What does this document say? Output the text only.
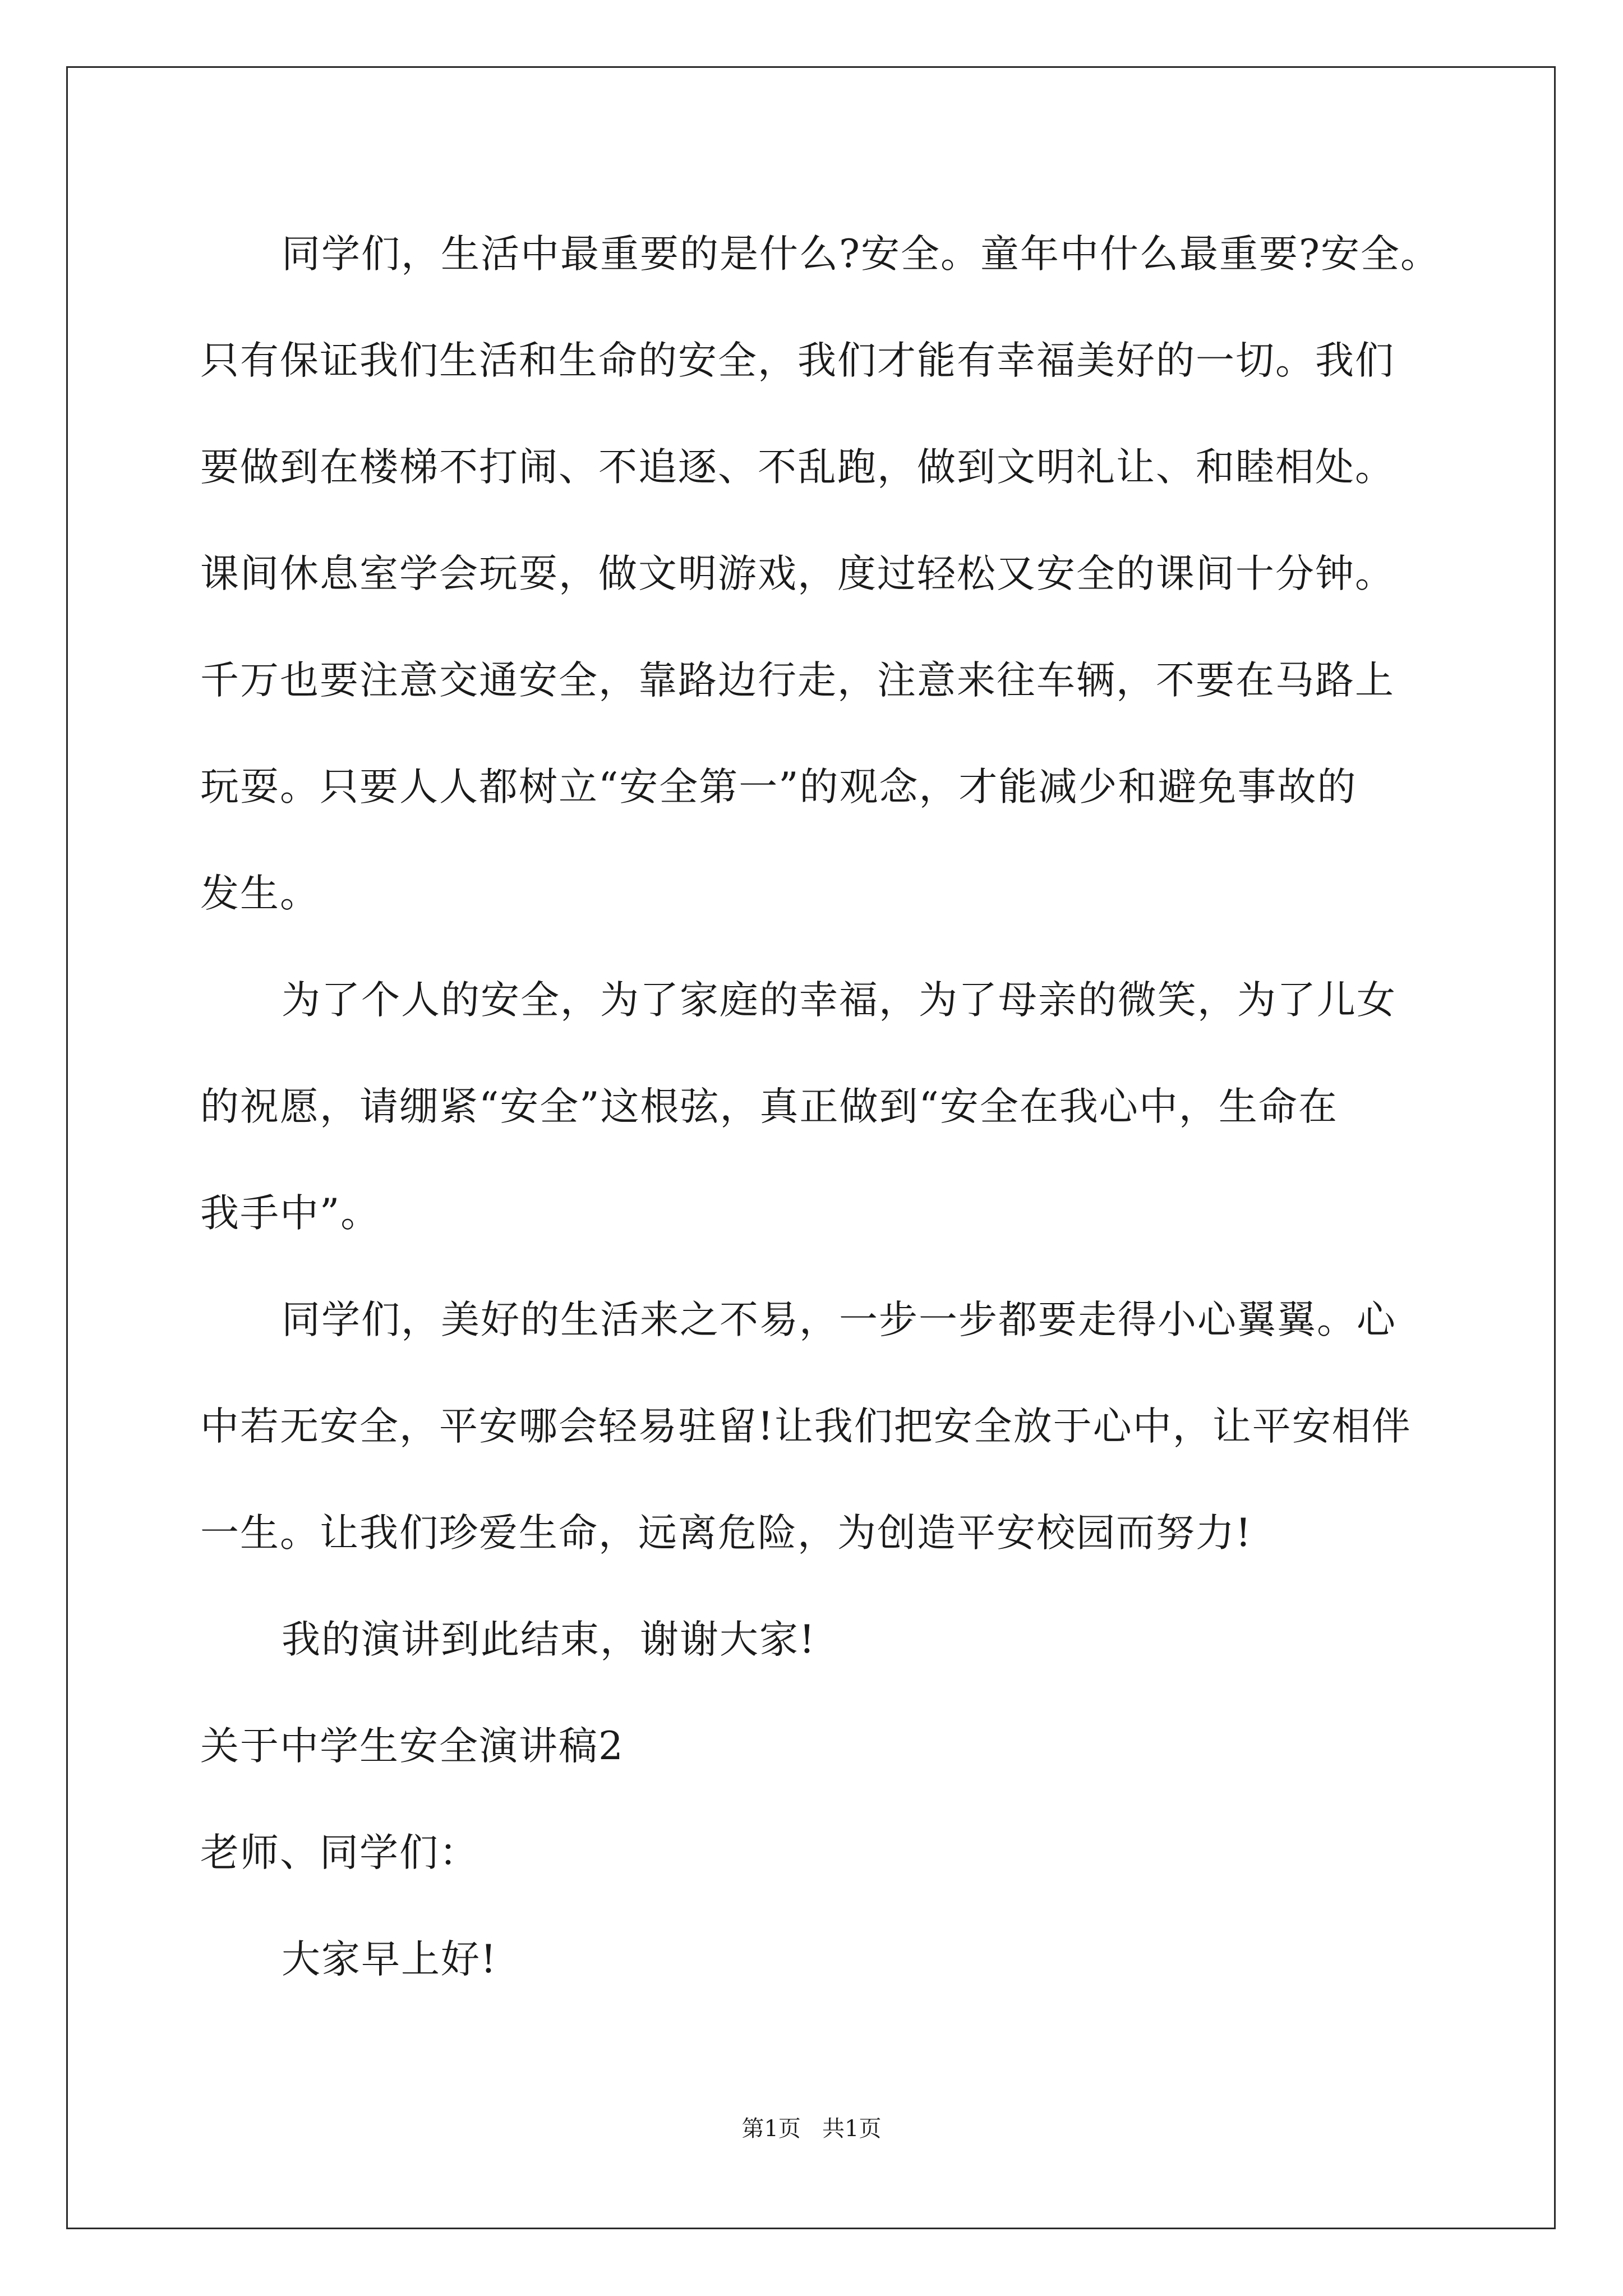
同学们，生活中最重要的是什么?安全。童年中什么最重要?安全。
只有保证我们生活和生命的安全，我们才能有幸福美好的一切。我们
要做到在楼梯不打闹、不追逐、不乱跑，做到文明礼让、和睦相处。
课间休息室学会玩耍，做文明游戏，度过轻松又安全的课间十分钟。
千万也要注意交通安全，靠路边行走，注意来往车辆，不要在马路上
玩耍。只要人人都树立“安全第一”的观念，才能减少和避免事故的
发生。
为了个人的安全，为了家庭的幸福，为了母亲的微笑，为了儿女
的祝愿，请绷紧“安全”这根弦，真正做到“安全在我心中，生命在
我手中”。
同学们，美好的生活来之不易，一步一步都要走得小心翼翼。心
中若无安全，平安哪会轻易驻留!让我们把安全放于心中，让平安相伴
一生。让我们珍爱生命，远离危险，为创造平安校园而努力!
我的演讲到此结束，谢谢大家!
关于中学生安全演讲稿2
老师、同学们：
大家早上好!
第1页   共1页
